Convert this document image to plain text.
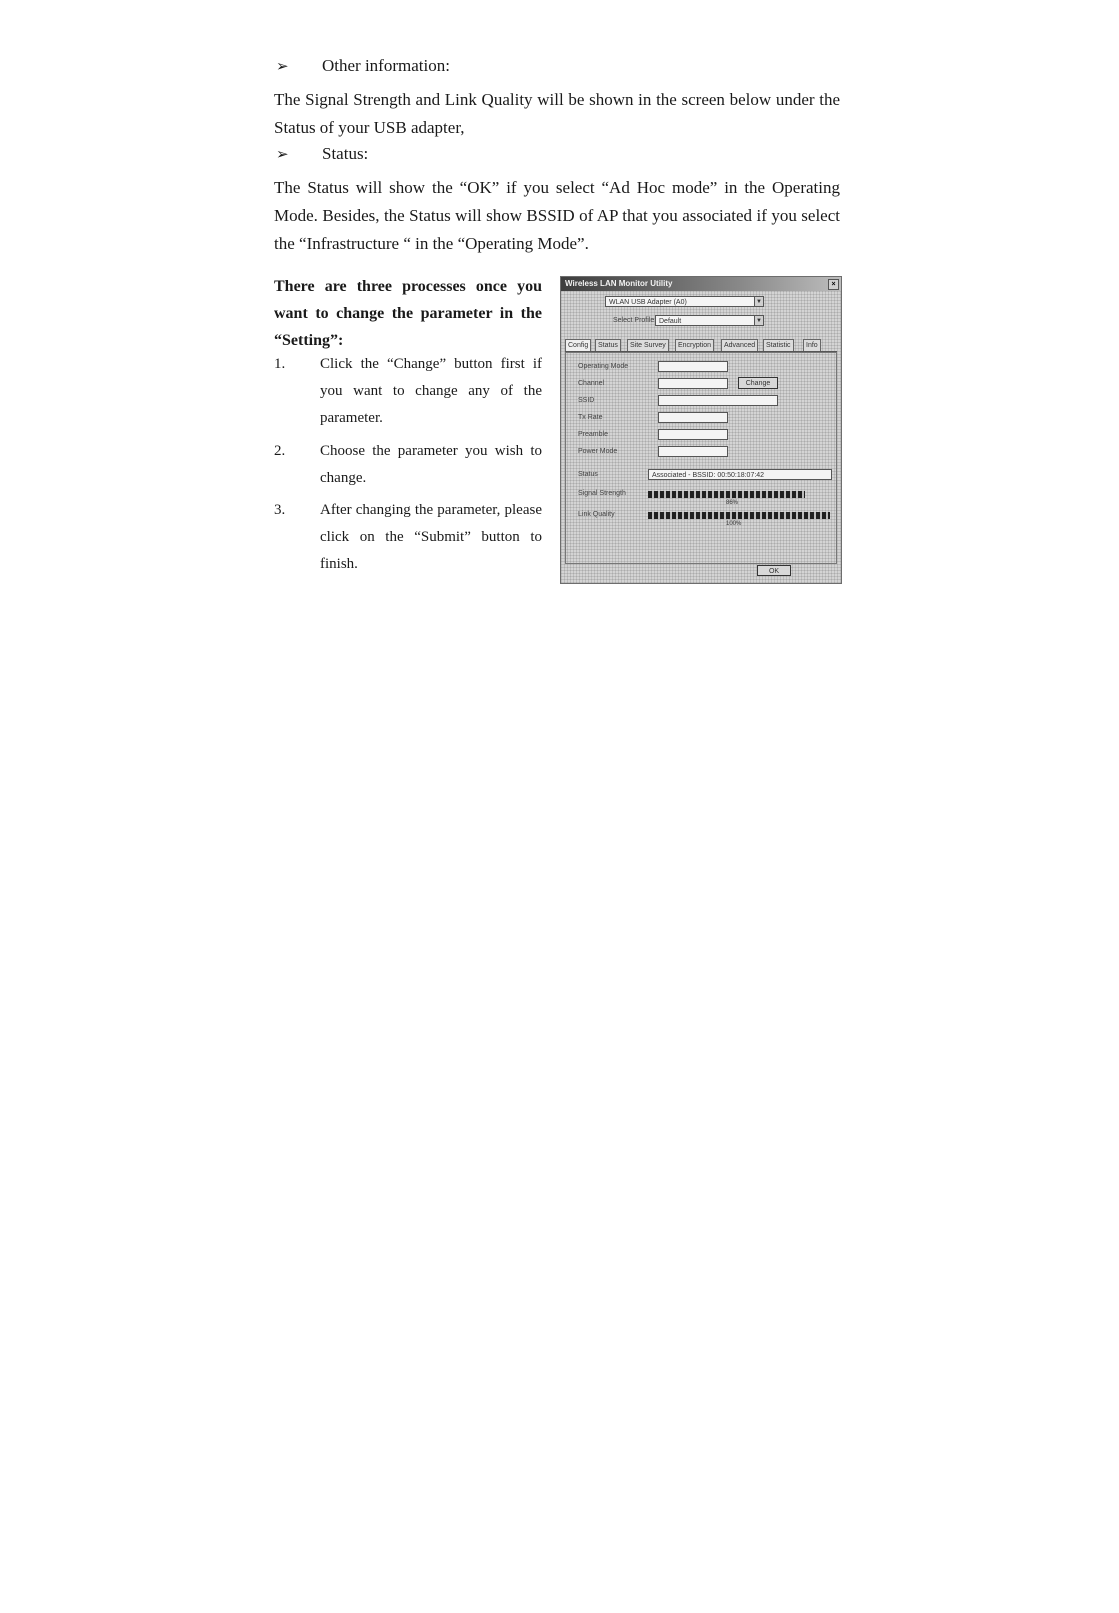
➢ Other information:
The Signal Strength and Link Quality will be shown in the screen below under the Status of your USB adapter,
➢ Status:
The Status will show the “OK” if you select “Ad Hoc mode” in the Operating Mode. Besides, the Status will show BSSID of AP that you associated if you select the “Infrastructure “ in the “Operating Mode”.
There are three processes once you want to change the parameter in the “Setting”:
1. Click the “Change” button first if you want to change any of the parameter.
2. Choose the parameter you wish to change.
3. After changing the parameter, please click on the “Submit” button to finish.
Wireless LAN Monitor Utility	×
WLAN USB Adapter (A0)	▼
Select Profile Default	▼
Config	Status	Site Survey	Encryption	Advanced	Statistic	Info
Operating Mode
Channel	Change
SSID
Tx Rate
Preamble
Power Mode
Status	Associated - BSSID: 00:50:18:07:42
Signal Strength
86%
Link Quality
100%
OK
